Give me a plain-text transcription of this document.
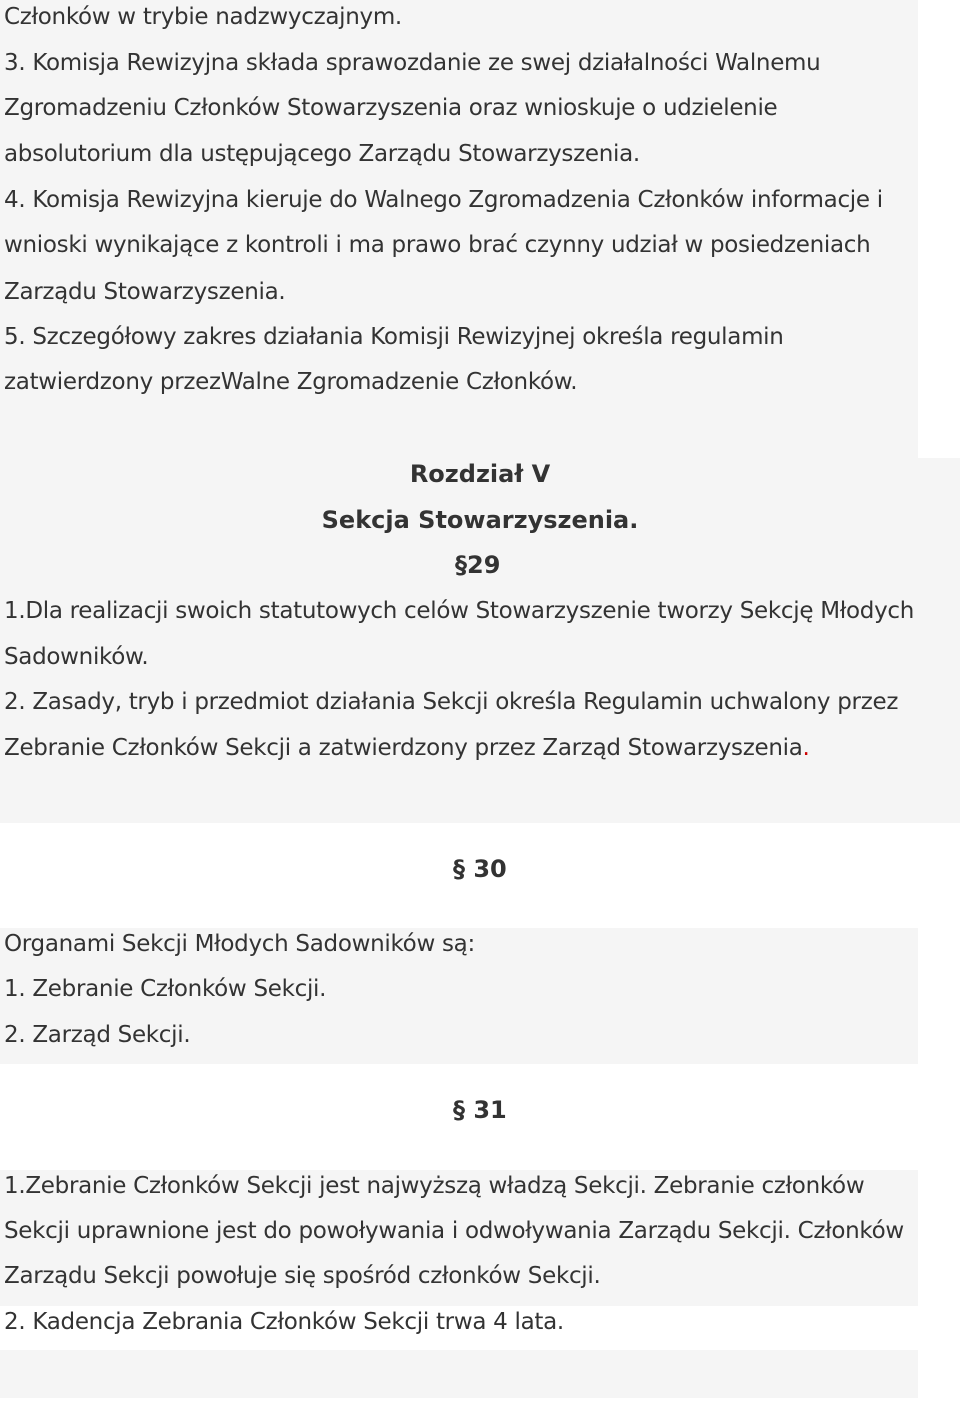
Członków w trybie nadzwyczajnym.
3. Komisja Rewizyjna składa sprawozdanie ze swej działalności Walnemu
Zgromadzeniu Członków Stowarzyszenia oraz wnioskuje o udzielenie
absolutorium dla ustępującego Zarządu Stowarzyszenia.
4. Komisja Rewizyjna kieruje do Walnego Zgromadzenia Członków informacje i
wnioski wynikające z kontroli i ma prawo brać czynny udział w posiedzeniach
Zarządu Stowarzyszenia.
5. Szczegółowy zakres działania Komisji Rewizyjnej określa regulamin
zatwierdzony przezWalne Zgromadzenie Członków.
Rozdział V
Sekcja Stowarzyszenia.
§29
1.Dla realizacji swoich statutowych celów Stowarzyszenie tworzy Sekcję Młodych
Sadowników.
2. Zasady, tryb i przedmiot działania Sekcji określa Regulamin uchwalony przez
Zebranie Członków Sekcji a zatwierdzony przez Zarząd Stowarzyszenia.
§ 30
Organami Sekcji Młodych Sadowników są:
1. Zebranie Członków Sekcji.
2. Zarząd Sekcji.
§ 31
1.Zebranie Członków Sekcji jest najwyższą władzą Sekcji. Zebranie członków
Sekcji uprawnione jest do powoływania i odwoływania Zarządu Sekcji. Członków
Zarządu Sekcji powołuje się spośród członków Sekcji.
2. Kadencja Zebrania Członków Sekcji trwa 4 lata.
